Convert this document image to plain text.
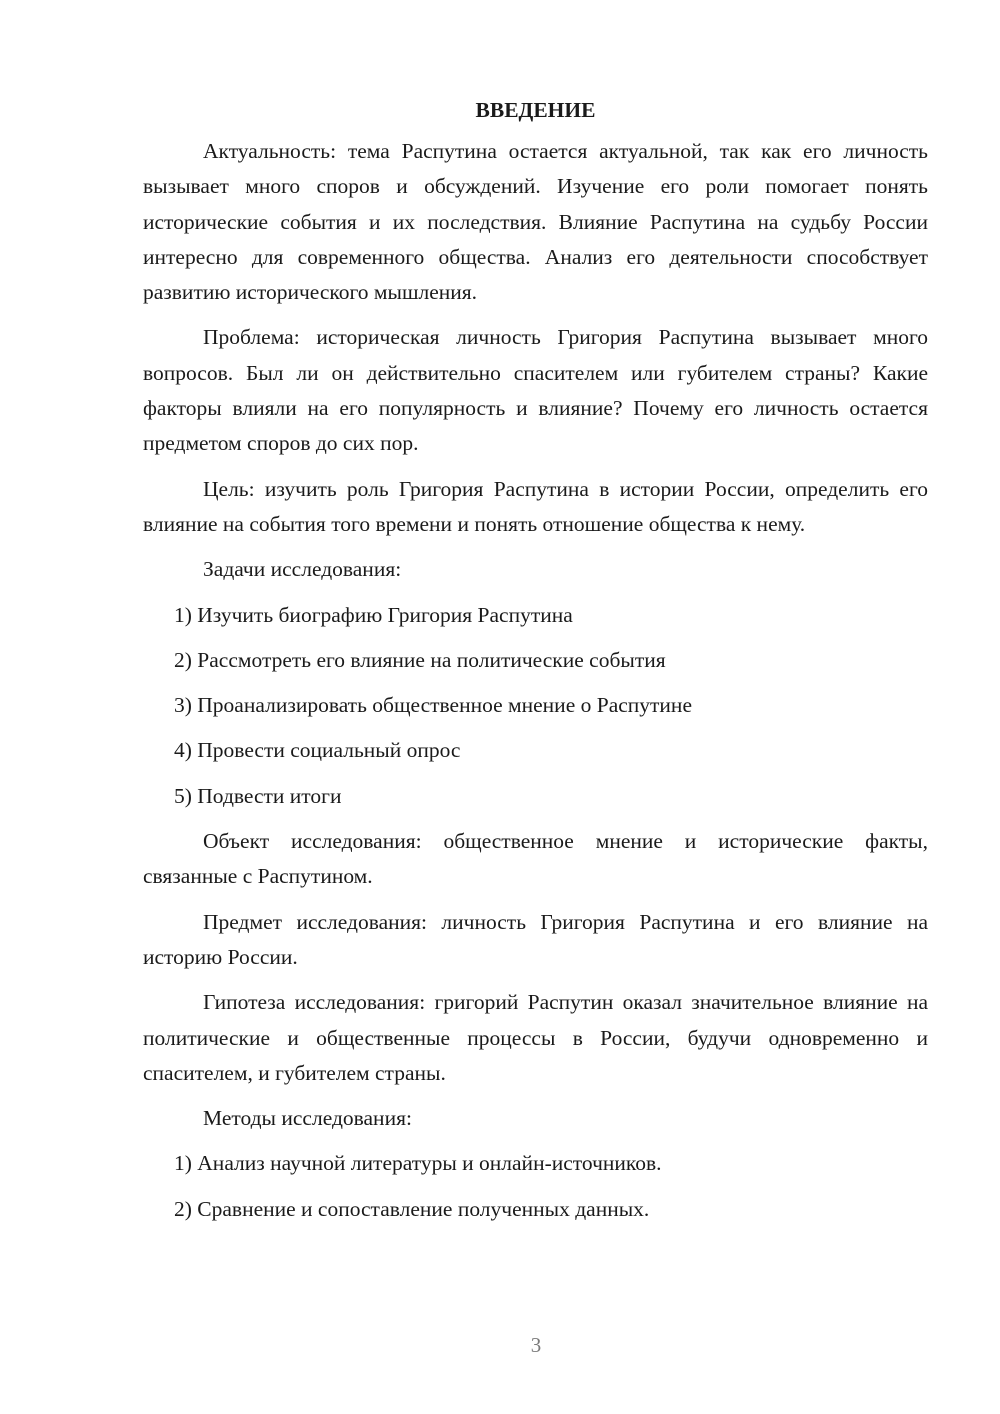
ВВЕДЕНИЕ

Актуальность: тема Распутина остается актуальной, так как его личность вызывает много споров и обсуждений. Изучение его роли помогает понять исторические события и их последствия. Влияние Распутина на судьбу России интересно для современного общества. Анализ его деятельности способствует развитию исторического мышления.

Проблема: историческая личность Григория Распутина вызывает много вопросов. Был ли он действительно спасителем или губителем страны? Какие факторы влияли на его популярность и влияние? Почему его личность остается предметом споров до сих пор.

Цель: изучить роль Григория Распутина в истории России, определить его влияние на события того времени и понять отношение общества к нему.

Задачи исследования:

1) Изучить биографию Григория Распутина
2) Рассмотреть его влияние на политические события
3) Проанализировать общественное мнение о Распутине
4) Провести социальный опрос
5) Подвести итоги

Объект исследования: общественное мнение и исторические факты, связанные с Распутином.

Предмет исследования: личность Григория Распутина и его влияние на историю России.

Гипотеза исследования: григорий Распутин оказал значительное влияние на политические и общественные процессы в России, будучи одновременно и спасителем, и губителем страны.

Методы исследования:

1) Анализ научной литературы и онлайн-источников.
2) Сравнение и сопоставление полученных данных.
3
